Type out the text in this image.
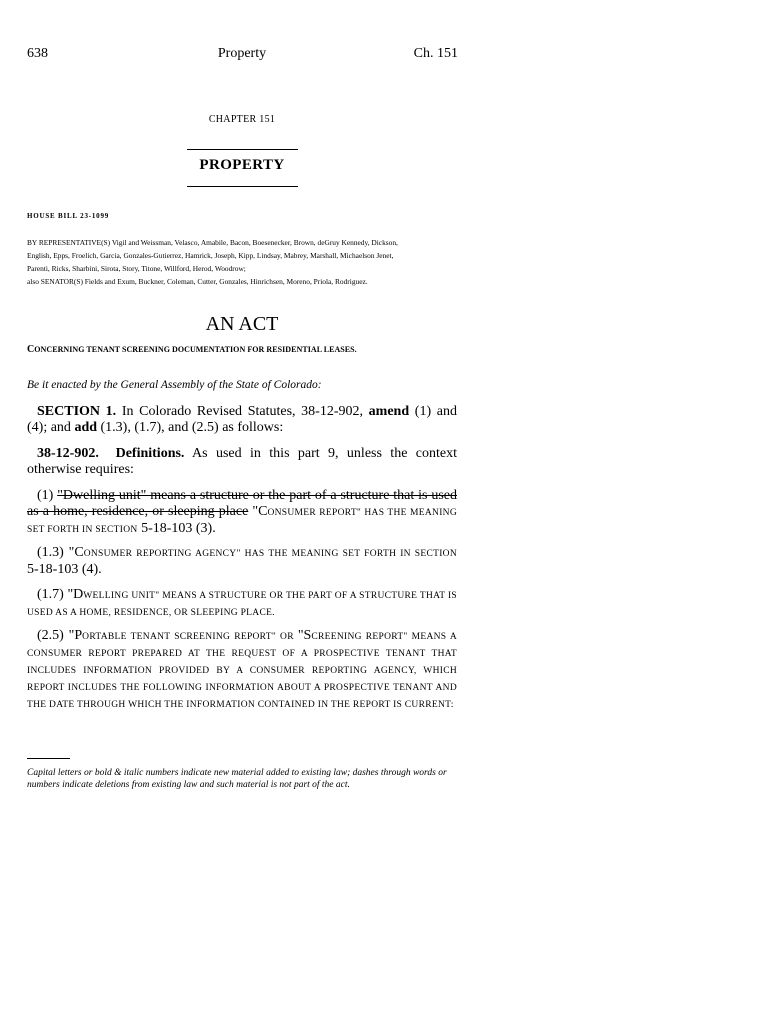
638	Property	Ch. 151
CHAPTER 151
PROPERTY
HOUSE BILL 23-1099
BY REPRESENTATIVE(S) Vigil and Weissman, Velasco, Amabile, Bacon, Boesenecker, Brown, deGruy Kennedy, Dickson,
English, Epps, Froelich, Garcia, Gonzales-Gutierrez, Hamrick, Joseph, Kipp, Lindsay, Mabrey, Marshall, Michaelson Jenet,
Parenti, Ricks, Sharbini, Sirota, Story, Titone, Willford, Herod, Woodrow;
also SENATOR(S) Fields and Exum, Buckner, Coleman, Cutter, Gonzales, Hinrichsen, Moreno, Priola, Rodriguez.
AN ACT
CONCERNING TENANT SCREENING DOCUMENTATION FOR RESIDENTIAL LEASES.
Be it enacted by the General Assembly of the State of Colorado:
SECTION 1. In Colorado Revised Statutes, 38-12-902, amend (1) and (4); and add (1.3), (1.7), and (2.5) as follows:
38-12-902. Definitions. As used in this part 9, unless the context otherwise requires:
(1) "Dwelling unit" means a structure or the part of a structure that is used as a home, residence, or sleeping place "CONSUMER REPORT" HAS THE MEANING SET FORTH IN SECTION 5-18-103 (3).
(1.3) "CONSUMER REPORTING AGENCY" HAS THE MEANING SET FORTH IN SECTION 5-18-103 (4).
(1.7) "DWELLING UNIT" MEANS A STRUCTURE OR THE PART OF A STRUCTURE THAT IS USED AS A HOME, RESIDENCE, OR SLEEPING PLACE.
(2.5) "PORTABLE TENANT SCREENING REPORT" OR "SCREENING REPORT" MEANS A CONSUMER REPORT PREPARED AT THE REQUEST OF A PROSPECTIVE TENANT THAT INCLUDES INFORMATION PROVIDED BY A CONSUMER REPORTING AGENCY, WHICH REPORT INCLUDES THE FOLLOWING INFORMATION ABOUT A PROSPECTIVE TENANT AND THE DATE THROUGH WHICH THE INFORMATION CONTAINED IN THE REPORT IS CURRENT:
Capital letters or bold & italic numbers indicate new material added to existing law; dashes through words or numbers indicate deletions from existing law and such material is not part of the act.
